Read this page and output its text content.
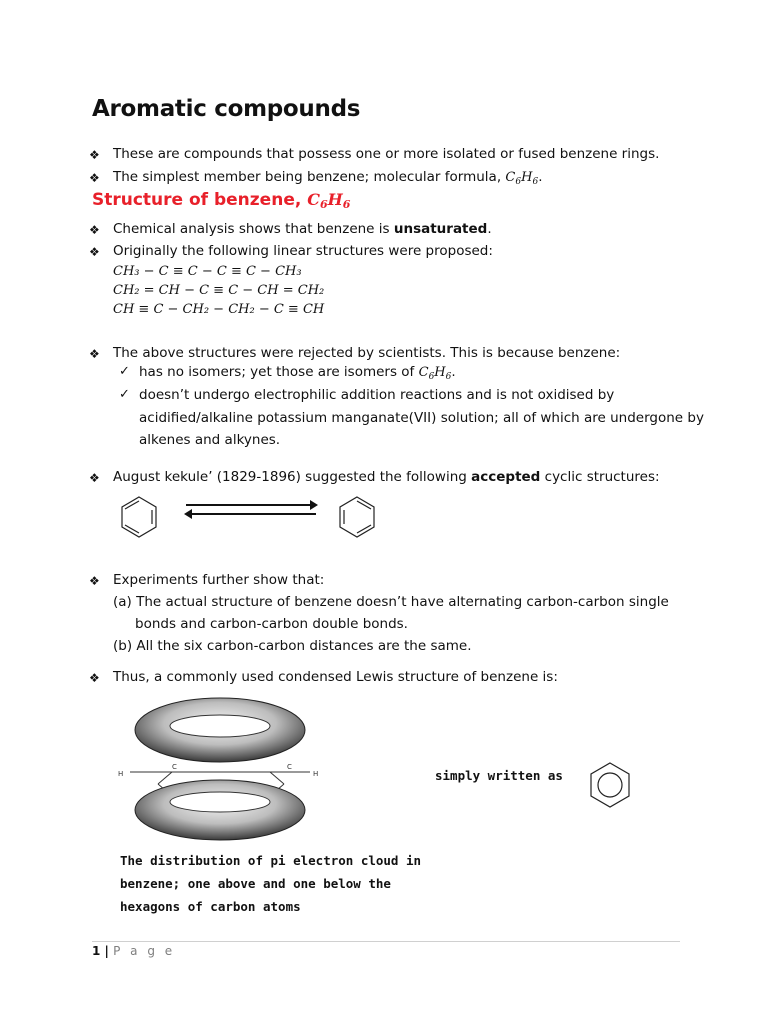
Aromatic compounds
❖ These are compounds that possess one or more isolated or fused benzene rings.
❖ The simplest member being benzene; molecular formula, $C_6H_6$.
Structure of benzene, $C_6H_6$
❖ Chemical analysis shows that benzene is unsaturated.
❖ Originally the following linear structures were proposed:
CH₃ − C ≡ C − C ≡ C − CH₃
CH₂ = CH − C ≡ C − CH = CH₂
CH ≡ C − CH₂ − CH₂ − C ≡ CH
❖ The above structures were rejected by scientists. This is because benzene:
✓ has no isomers; yet those are isomers of $C_6H_6$.
✓ doesn’t undergo electrophilic addition reactions and is not oxidised by
acidified/alkaline potassium manganate(VII) solution; all of which are undergone by
alkenes and alkynes.
❖ August kekule’ (1829-1896) suggested the following accepted cyclic structures:
❖ Experiments further show that:
(a) The actual structure of benzene doesn’t have alternating carbon-carbon single
bonds and carbon-carbon double bonds.
(b) All the six carbon-carbon distances are the same.
❖ Thus, a commonly used condensed Lewis structure of benzene is:
H
C	C
H	simply written as
The distribution of pi electron cloud in
benzene; one above and one below the
hexagons of carbon atoms
1 | P a g e
